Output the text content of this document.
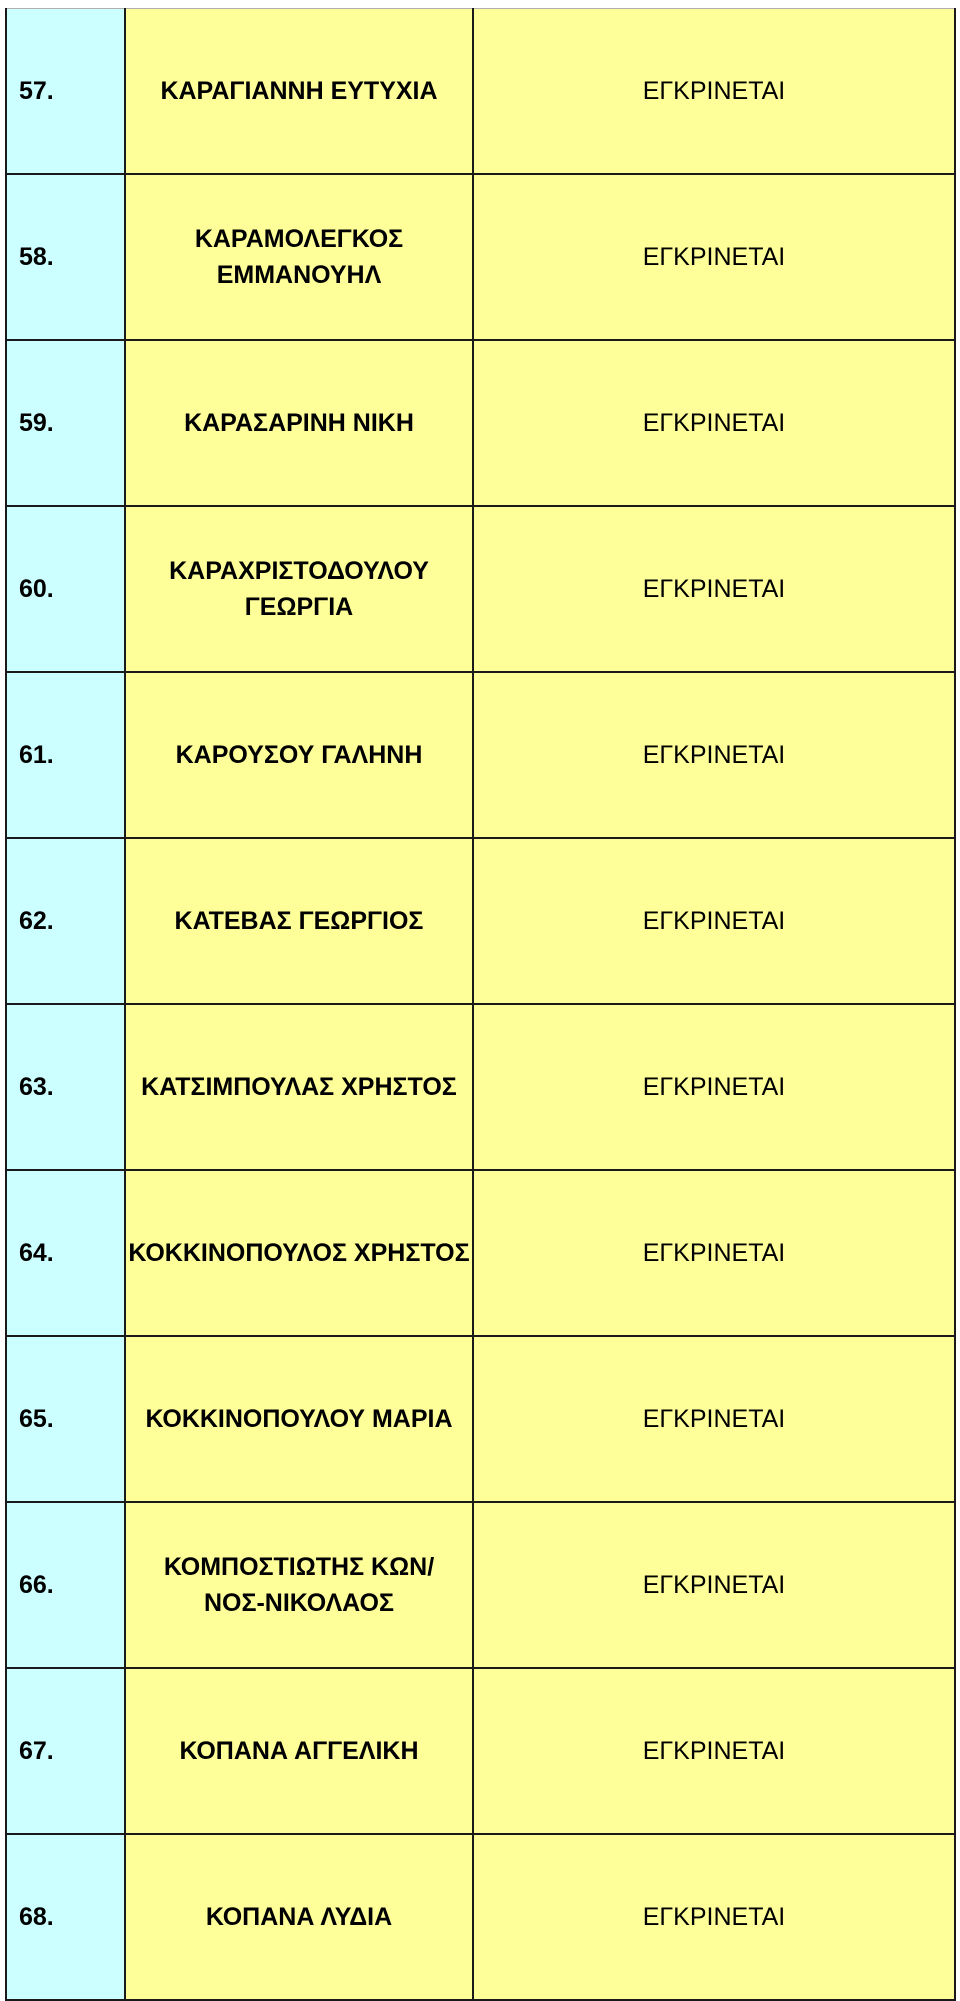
57.	ΚΑΡΑΓΙΑΝΝΗ ΕΥΤΥΧΙΑ	ΕΓΚΡΙΝΕΤΑΙ
58.	ΚΑΡΑΜΟΛΕΓΚΟΣ ΕΜΜΑΝΟΥΗΛ	ΕΓΚΡΙΝΕΤΑΙ
59.	ΚΑΡΑΣΑΡΙΝΗ ΝΙΚΗ	ΕΓΚΡΙΝΕΤΑΙ
60.	ΚΑΡΑΧΡΙΣΤΟΔΟΥΛΟΥ ΓΕΩΡΓΙΑ	ΕΓΚΡΙΝΕΤΑΙ
61.	ΚΑΡΟΥΣΟΥ ΓΑΛΗΝΗ	ΕΓΚΡΙΝΕΤΑΙ
62.	ΚΑΤΕΒΑΣ ΓΕΩΡΓΙΟΣ	ΕΓΚΡΙΝΕΤΑΙ
63.	ΚΑΤΣΙΜΠΟΥΛΑΣ ΧΡΗΣΤΟΣ	ΕΓΚΡΙΝΕΤΑΙ
64.	ΚΟΚΚΙΝΟΠΟΥΛΟΣ ΧΡΗΣΤΟΣ	ΕΓΚΡΙΝΕΤΑΙ
65.	ΚΟΚΚΙΝΟΠΟΥΛΟΥ ΜΑΡΙΑ	ΕΓΚΡΙΝΕΤΑΙ
66.	ΚΟΜΠΟΣΤΙΩΤΗΣ ΚΩΝ/ΝΟΣ-ΝΙΚΟΛΑΟΣ	ΕΓΚΡΙΝΕΤΑΙ
67.	ΚΟΠΑΝΑ ΑΓΓΕΛΙΚΗ	ΕΓΚΡΙΝΕΤΑΙ
68.	ΚΟΠΑΝΑ ΛΥΔΙΑ	ΕΓΚΡΙΝΕΤΑΙ
